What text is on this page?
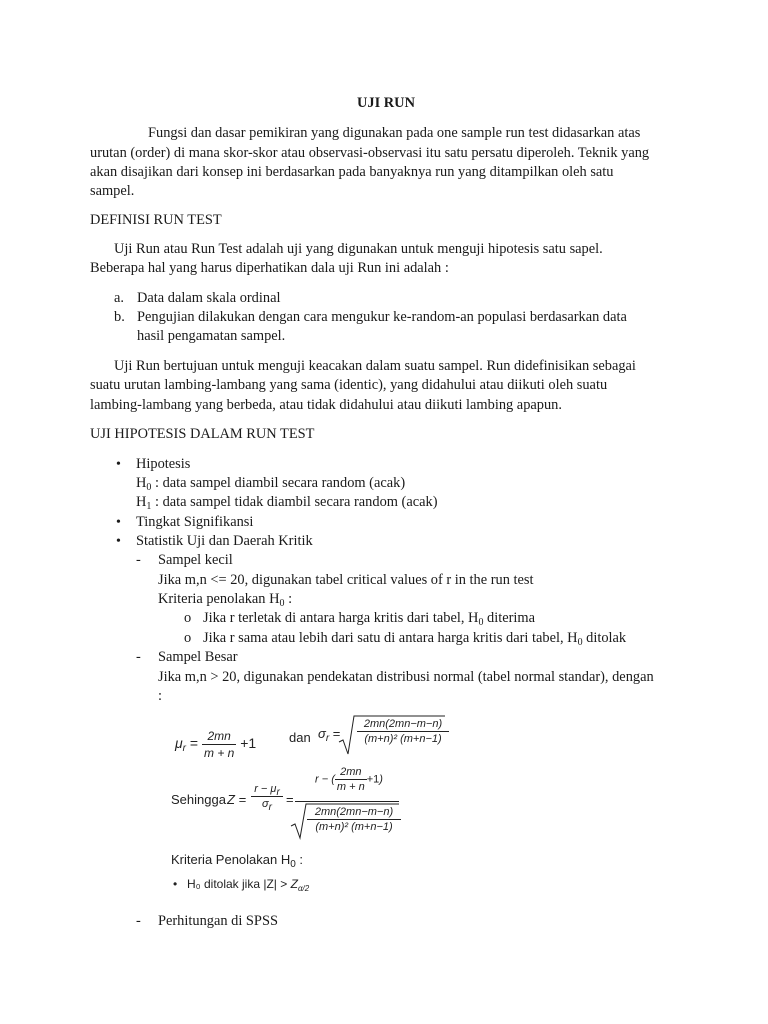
UJI RUN
Fungsi dan dasar pemikiran yang digunakan pada one sample run test didasarkan atas
urutan (order) di mana skor-skor atau observasi-observasi itu satu persatu diperoleh. Teknik yang
akan disajikan dari konsep ini berdasarkan pada banyaknya run yang ditampilkan oleh satu
sampel.
DEFINISI RUN TEST
Uji Run atau Run Test adalah uji yang digunakan untuk menguji hipotesis satu sapel.
Beberapa hal yang harus diperhatikan dala uji Run ini adalah :
a. Data dalam skala ordinal
b. Pengujian dilakukan dengan cara mengukur ke-random-an populasi berdasarkan data
hasil pengamatan sampel.
Uji Run bertujuan untuk menguji keacakan dalam suatu sampel. Run didefinisikan sebagai
suatu urutan lambing-lambang yang sama (identic), yang didahului atau diikuti oleh suatu
lambing-lambang yang berbeda, atau tidak didahului atau diikuti lambing apapun.
UJI HIPOTESIS DALAM RUN TEST
• Hipotesis
$H_0$ : data sampel diambil secara random (acak)
$H_1$ : data sampel tidak diambil secara random (acak)
• Tingkat Signifikansi
• Statistik Uji dan Daerah Kritik
- Sampel kecil
Jika m,n <= 20, digunakan tabel critical values of r in the run test
Kriteria penolakan $H_0$ :
o Jika r terletak di antara harga kritis dari tabel, $H_0$ diterima
o Jika r sama atau lebih dari satu di antara harga kritis dari tabel, $H_0$ ditolak
- Sampel Besar
Jika m,n > 20, digunakan pendekatan distribusi normal (tabel normal standar), dengan
:
$\mu_r = \frac{2mn}{m + n} +1$	dan $\sigma_r$ =
2mn(2mn−m−n)
(m+n)² (m+n−1)
Sehingga Z =
$r - \mu_r$
$\sigma_r$
=
r − ( $\frac{2mn}{m + n} +1$)
2mn(2mn−m−n)
(m+n)² (m+n−1)
Kriteria Penolakan $H_0$ :
• H₀ ditolak jika $|Z| > Z_{\alpha/2}$
- Perhitungan di SPSS
